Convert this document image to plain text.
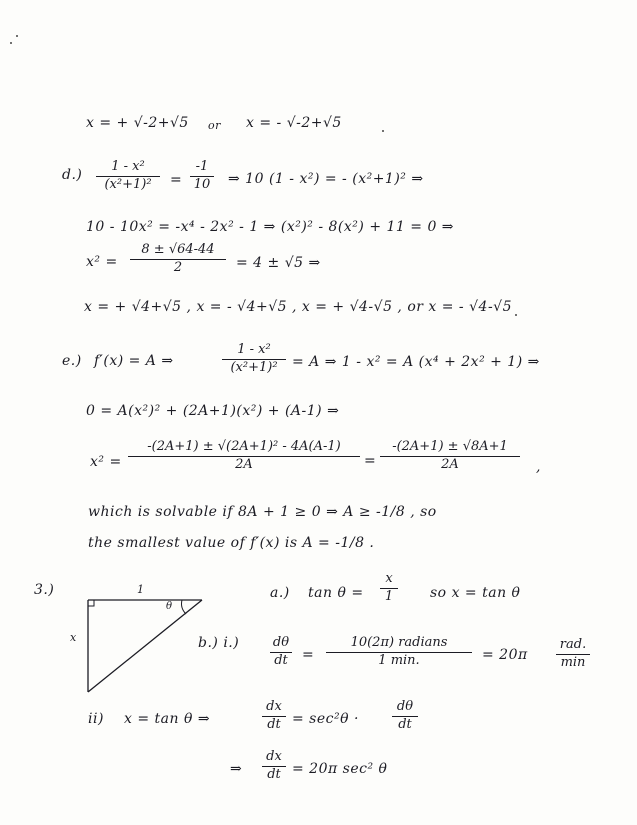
x = + √-2+√5 or x = - √-2+√5
d.)
1 - x²
(x²+1)²	=
-1
10 ⇒ 10 (1 - x²) = - (x²+1)² ⇒
10 - 10x² = -x⁴ - 2x² - 1 ⇒ (x²)² - 8(x²) + 11 = 0 ⇒
x² =
8 ± √64-44
2	= 4 ± √5 ⇒
x = + √4+√5 , x = - √4+√5 , x = + √4-√5 , or x = - √4-√5
e.) f′(x) = A ⇒
1 - x²
(x²+1)²	= A ⇒ 1 - x² = A (x⁴ + 2x² + 1) ⇒
0 = A(x²)² + (2A+1)(x²) + (A-1) ⇒
x² =
-(2A+1) ± √(2A+1)² - 4A(A-1)
2A	=
-(2A+1) ± √8A+1
2A	,
which is solvable if 8A + 1 ≥ 0 ⇒ A ≥ -1/8 , so
the smallest value of f′(x) is A = -1/8 .
3.)	1
x
θ
a.) tan θ =
x
1	so x = tan θ
b.) i.)	dθ
dt	=
10(2π) radians
1 min.	= 20π
rad.
min
ii) x = tan θ ⇒
dx
dt = sec²θ ·
dθ
dt
⇒
dx
dt = 20π sec² θ
